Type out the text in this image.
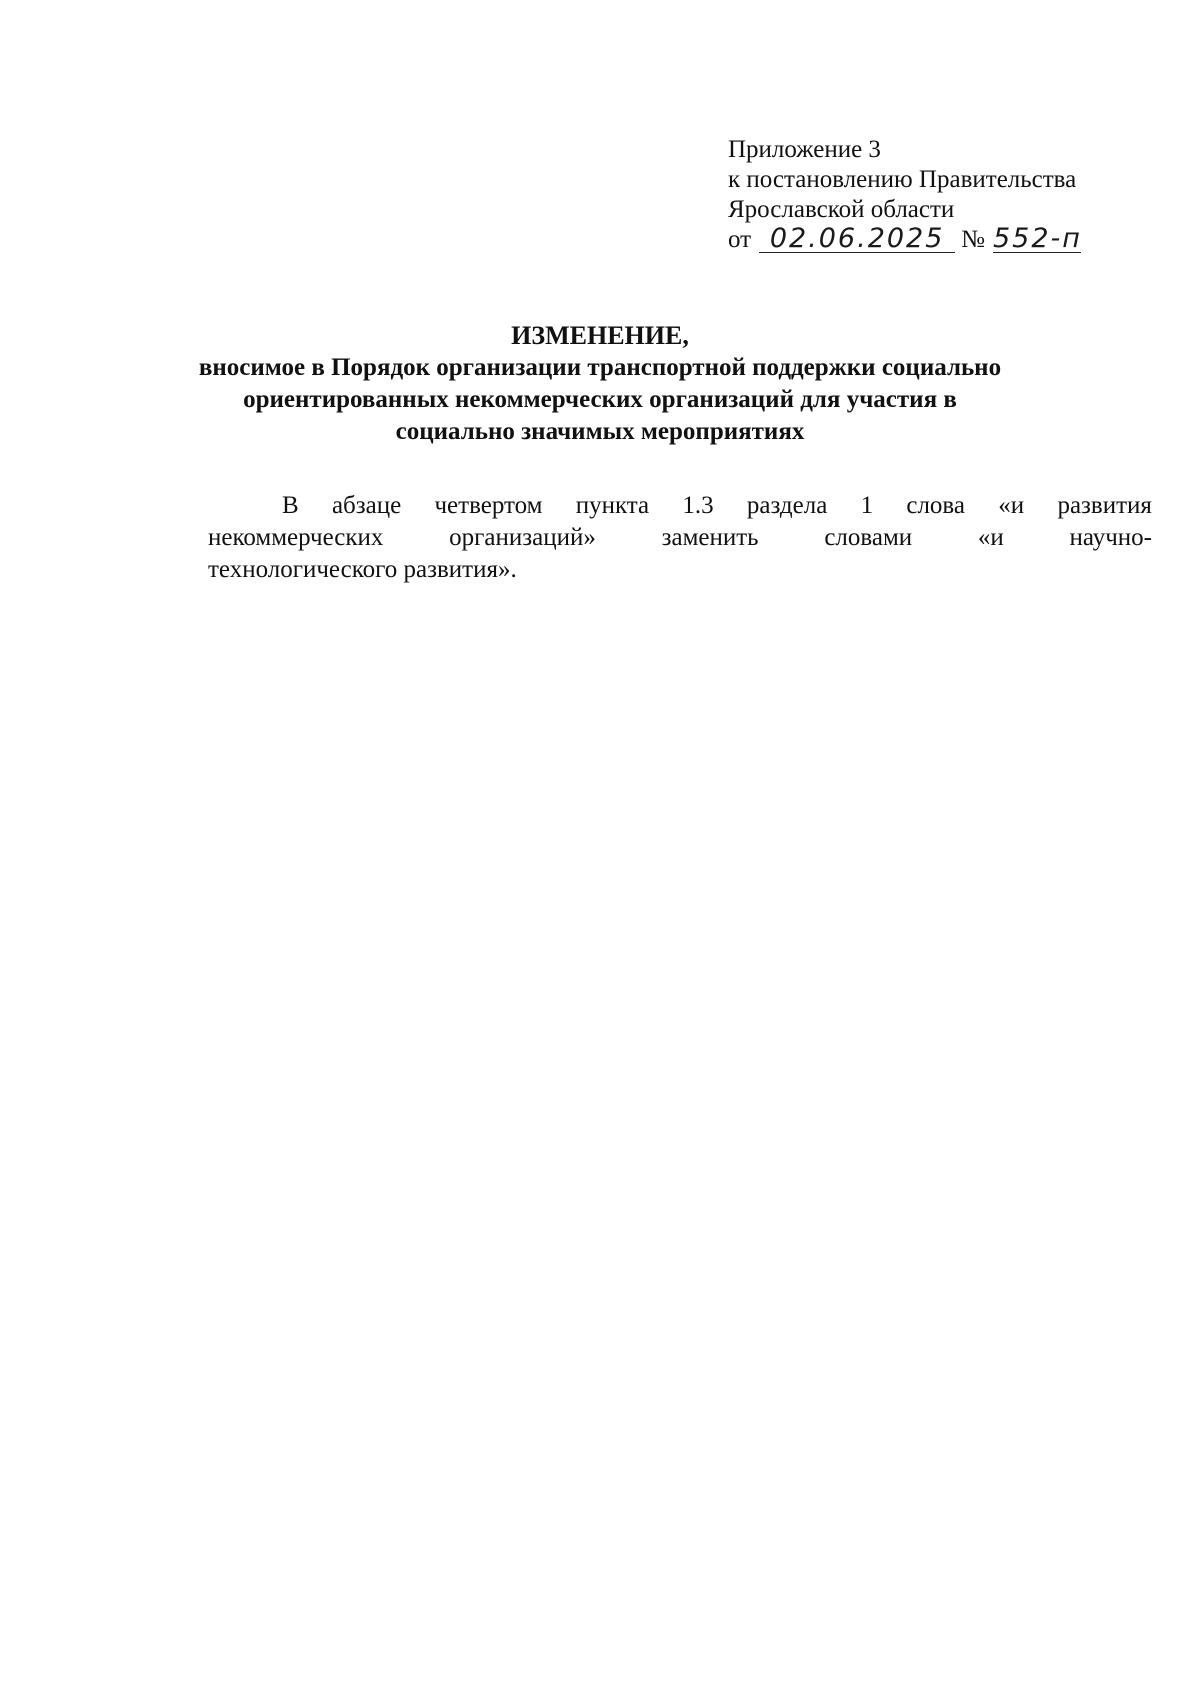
Приложение 3
к постановлению Правительства
Ярославской области
от 02.06.2025 № 552-п
ИЗМЕНЕНИЕ,
вносимое в Порядок организации транспортной поддержки социально
ориентированных некоммерческих организаций для участия в
социально значимых мероприятиях
В абзаце четвертом пункта 1.3 раздела 1 слова «и развития
некоммерческих	организаций»	заменить	словами	«и	научно-
технологического развития».
